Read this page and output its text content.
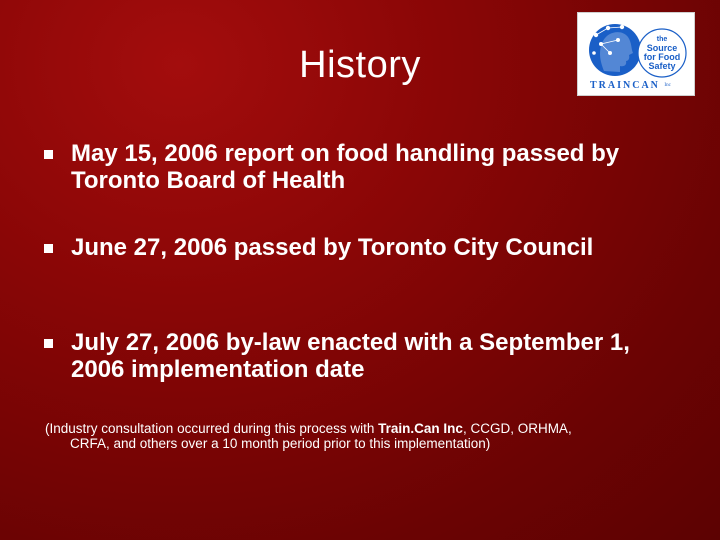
History
the
Source
for Food
Safety
TRAINCAN Inc
May 15, 2006 report on food handling passed by Toronto Board of Health
June 27, 2006 passed by Toronto City Council
July 27, 2006 by-law enacted with a September 1, 2006 implementation date
(Industry consultation occurred during this process with Train.Can Inc, CCGD, ORHMA,
CRFA, and others over a 10 month period prior to this implementation)
